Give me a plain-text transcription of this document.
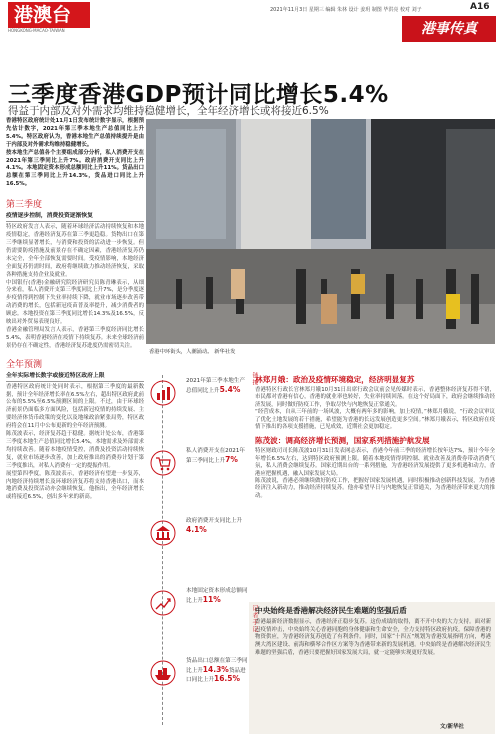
港澳台
HONGKONG·MACAO·TAIWAN
2021年11月3日 星期三 编辑 朱林 设计 姜玥 制图 毕洪亮 校对 刘子	A16
港事传真
三季度香港GDP预计同比增长5.4%
得益于内部及对外需求均维持稳健增长，全年经济增长或将接近6.5%

香港特区政府统计处11月1日发布统计数字显示，根据预先估计数字，2021年第三季本地生产总值同比上升5.4%。特区政府认为，香港本地生产总值持续提升是由于内部及对外需求均维持稳健增长。

按本地生产总值各个主要组成部分分析，私人消费开支在2021年第三季同比上升7%。政府消费开支同比上升4.1%。本地固定资本形成总额同比上升11%。货品出口总额在第三季同比上升14.3%，货品进口同比上升16.5%。

第三季度
疫情逐步控制，消费投资逐渐恢复

特区政府发言人表示，随着环球经济活动持续恢复和本地疫情稳定，香港经济复苏在第三季更趋稳。货物出口在第三季继续显著增长，与消费和投资的活动进一步恢复。但仍需要防疫措施及前景存在不确定因素，香港经济复苏仍未完全，全年全部恢复需要时间。受疫情影响，本地经济全面复苏仍需时间，政府将继续致力推动经济恢复，采取各种措施支持企业及就业。

中国银行(香港)金融研究院经济研究员陈青琳表示，从细分来看，私人消费开支第三季度同比上升7%，是分季度逐步疫情得到控制下失业率持续下降，就业市场逐步改善带动消费的增长，包括新冠疫苗普及率提升，减少消费者的顾虑。本地投资在第三季度同比增长14.3%及16.5%，反映出对外贸易表现良好。

香港金融管理局发言人表示，香港第三季度经济同比增长5.4%，表明香港经济在疫情下持续复苏。未来全球经济前景仍存在不确定性，香港经济复苏进度仍需密切关注。

全年预测
全年实际增长数字或接近特区政府上限

香港特区政府统计处同时表示，根据第三季度的最新数据，预计全年经济增长率在6.5%左右，超出特区政府此前公布的5.5%至6.5%预测区间的上限。不过，由于环球经济前景仍面临多方面风险，包括新冠疫情的持续发展、主要经济体货币政策的变化以及地缘政治紧张局势，特区政府将会在11月中公布更新的全年经济预测。

陈茂波表示，经济复苏趋于稳健。据统计处公布，香港第三季度本地生产总值同比增长5.4%，本地需求及外部需求均持续改善。随着本地疫情受控，消费及投资活动持续恢复，就业市场逐步改善，加上政府推出的消费券计划于第三季度推出，对私人消费有一定的提振作用。

展望第四季度，陈茂波表示，香港经济有望进一步复苏，内地经济持续增长及环球经济复苏将支持香港出口，而本地消费及投资活动亦会继续恢复。他指出，全年经济增长或将接近6.5%，创出多年来的新高。

香港中环街头，人潮涌动。 新华社发
2021年第三季本地生产总值同比上升5.4%
私人消费开支在2021年第三季同比上升7%
政府消费开支同比上升4.1%
本地固定资本形成总额同比上升11%
货品出口总额在第三季同比上升14.3%货品进口同比上升16.5%
链接
林郑月娥：政治及疫情环境稳定，经济明显复苏

香港特区行政长官林郑月娥10月31日出席行政会议前会见传媒时表示，香港整体经济复苏得不错，市民都对香港有信心，香港的就业率也转好，失业率持续回落。在这个好局面下，政府会继续推动经济发展，同时做好防疫工作，争取尽快与内地恢复正常通关。

“经营成本，自从三年前的一场风波，大概有两年多的影响，加上疫情，”林郑月娥说，“行政会议审议了优化土地发展的若干措施，希望能为香港的长远发展创造更多空间。”林郑月娥表示，特区政府在疫情下推出的各项支援措施，已见成效，近期社会更加稳定。

陈茂波：调高经济增长预测，国家系列措施护航发展

特区财政司司长陈茂波10月31日发表网志表示，香港今年前三季的经济增长按年达7%，预计今年全年增长6.5%左右，达到特区政府预测上限。随着本地疫情得到控制、就业改善及消费券带动消费气氛，私人消费会继续复苏。国家近期出台的一系列措施，为香港经济发展提供了更多机遇和动力，香港应把握机遇，融入国家发展大局。

陈茂波说，香港必须继续做好防疫工作，把握好国家发展机遇，同时积极推动创新科技发展，为香港经济注入新动力，推动经济持续复苏。他亦希望早日与内地恢复正常通关，为香港经济带来更大的推动。

记者手记
中央始终是香港解决经济民生难题的坚强后盾
香港最新经济数据显示，香港经济正稳步复苏。这份成绩的取得，离不开中央的大力支持。面对新冠疫情冲击，中央始终关心香港同胞的身体健康和生命安全，全力支持特区政府抗疫，保障香港的物资供应，为香港经济复苏创造了有利条件。同时，国家“十四五”规划为香港发展指明方向，粤港澳大湾区建设、前海和横琴合作区方案等为香港带来新的发展机遇。中央始终是香港解决经济民生难题的坚强后盾，香港只要把握好国家发展大局，就一定能够实现更好发展。
文/新华社
